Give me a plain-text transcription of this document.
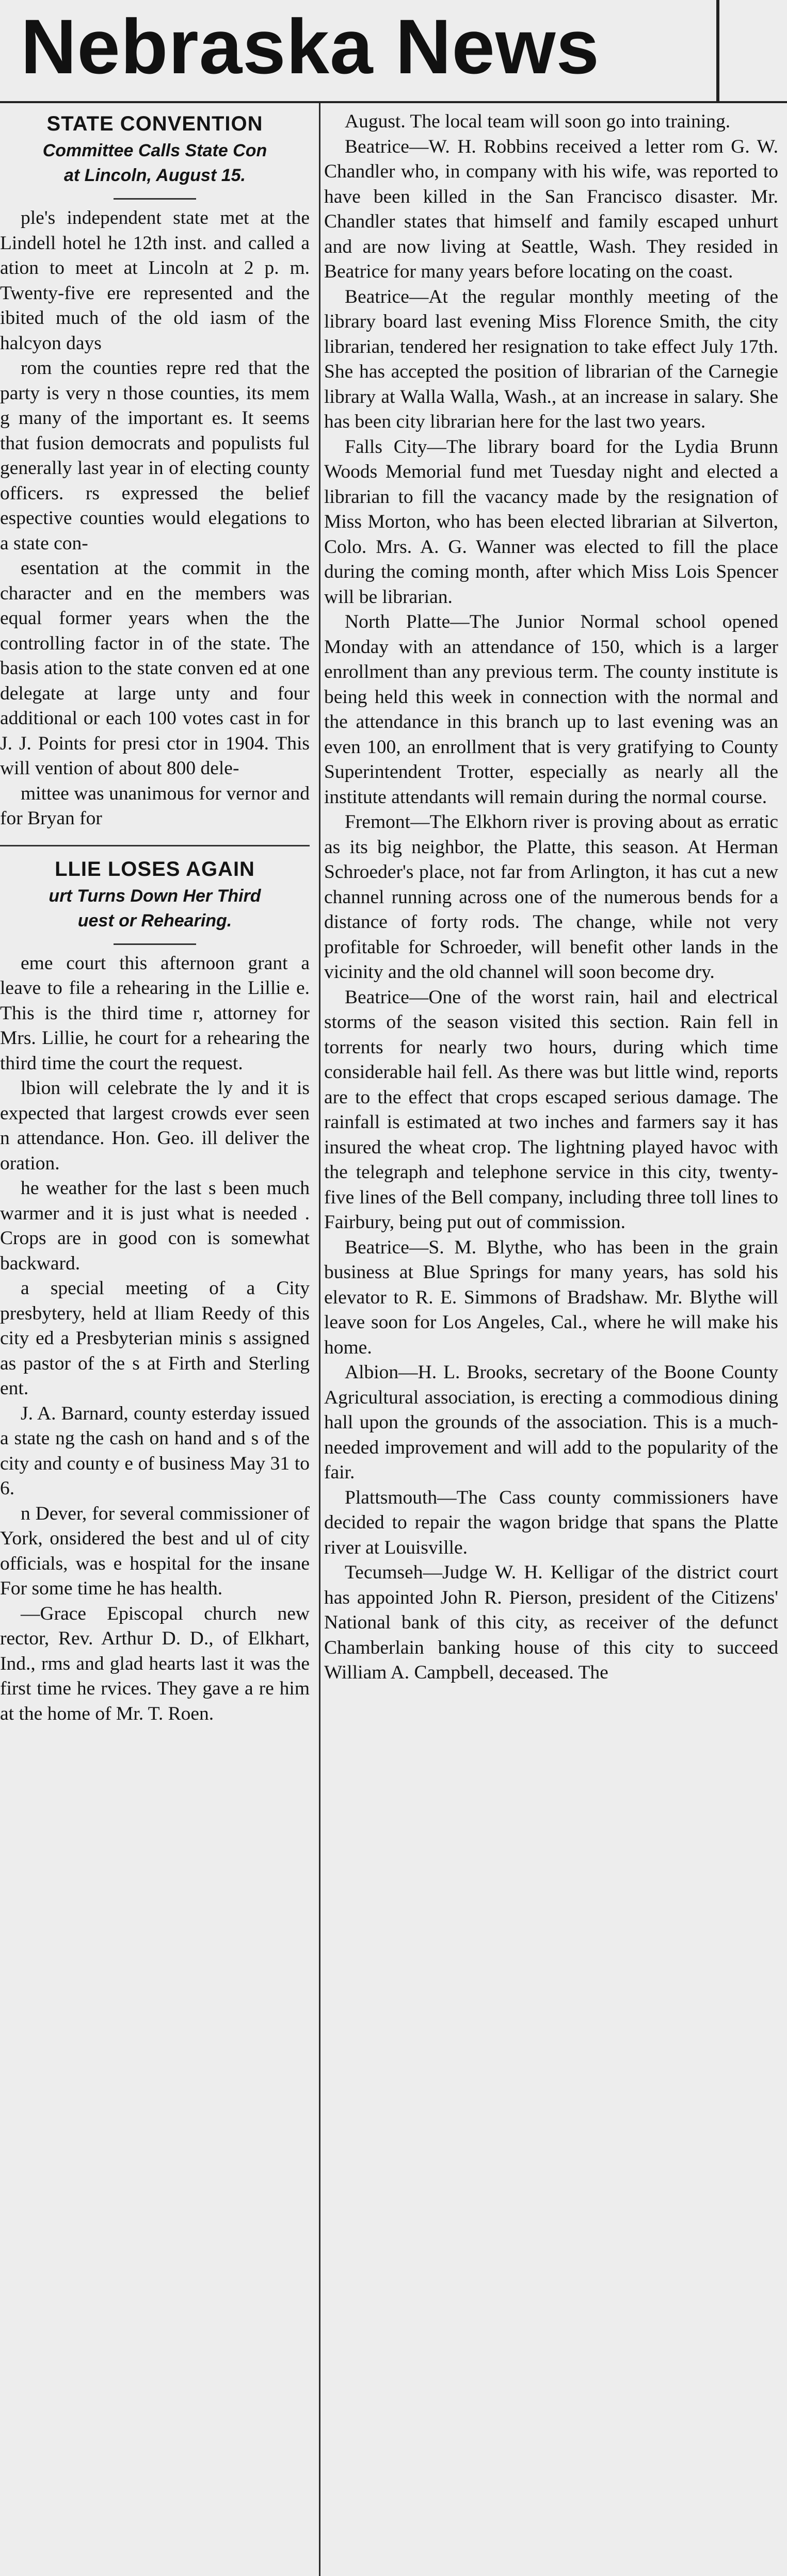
Nebraska News
STATE CONVENTION

Committee Calls State Con
at Lincoln, August 15.

ple's independent state met at the Lindell hotel he 12th inst. and called a ation to meet at Lincoln at 2 p. m. Twenty-five ere represented and the ibited much of the old iasm of the halcyon days

rom the counties repre red that the party is very n those counties, its mem g many of the important es. It seems that fusion democrats and populists ful generally last year in of electing county officers. rs expressed the belief espective counties would elegations to a state con-

esentation at the commit in the character and en the members was equal former years when the the controlling factor in of the state. The basis ation to the state conven ed at one delegate at large unty and four additional or each 100 votes cast in for J. J. Points for presi ctor in 1904. This will vention of about 800 dele-

mittee was unanimous for vernor and for Bryan for

LLIE LOSES AGAIN

urt Turns Down Her Third
uest or Rehearing.

eme court this afternoon grant a leave to file a rehearing in the Lillie e. This is the third time r, attorney for Mrs. Lillie, he court for a rehearing the third time the court the request.

lbion will celebrate the ly and it is expected that largest crowds ever seen n attendance. Hon. Geo. ill deliver the oration.

he weather for the last s been much warmer and it is just what is needed . Crops are in good con is somewhat backward.

a special meeting of a City presbytery, held at lliam Reedy of this city ed a Presbyterian minis s assigned as pastor of the s at Firth and Sterling ent.

J. A. Barnard, county esterday issued a state ng the cash on hand and s of the city and county e of business May 31 to 6.

n Dever, for several commissioner of York, onsidered the best and ul of city officials, was e hospital for the insane For some time he has health.

—Grace Episcopal church new rector, Rev. Arthur D. D., of Elkhart, Ind., rms and glad hearts last it was the first time he rvices. They gave a re him at the home of Mr. T. Roen.

August. The local team will soon go into training.

Beatrice—W. H. Robbins received a letter rom G. W. Chandler who, in company with his wife, was reported to have been killed in the San Francisco disaster. Mr. Chandler states that himself and family escaped unhurt and are now living at Seattle, Wash. They resided in Beatrice for many years before locating on the coast.

Beatrice—At the regular monthly meeting of the library board last evening Miss Florence Smith, the city librarian, tendered her resignation to take effect July 17th. She has accepted the position of librarian of the Carnegie library at Walla Walla, Wash., at an increase in salary. She has been city librarian here for the last two years.

Falls City—The library board for the Lydia Brunn Woods Memorial fund met Tuesday night and elected a librarian to fill the vacancy made by the resignation of Miss Morton, who has been elected librarian at Silverton, Colo. Mrs. A. G. Wanner was elected to fill the place during the coming month, after which Miss Lois Spencer will be librarian.

North Platte—The Junior Normal school opened Monday with an attendance of 150, which is a larger enrollment than any previous term. The county institute is being held this week in connection with the normal and the attendance in this branch up to last evening was an even 100, an enrollment that is very gratifying to County Superintendent Trotter, especially as nearly all the institute attendants will remain during the normal course.

Fremont—The Elkhorn river is proving about as erratic as its big neighbor, the Platte, this season. At Herman Schroeder's place, not far from Arlington, it has cut a new channel running across one of the numerous bends for a distance of forty rods. The change, while not very profitable for Schroeder, will benefit other lands in the vicinity and the old channel will soon become dry.

Beatrice—One of the worst rain, hail and electrical storms of the season visited this section. Rain fell in torrents for nearly two hours, during which time considerable hail fell. As there was but little wind, reports are to the effect that crops escaped serious damage. The rainfall is estimated at two inches and farmers say it has insured the wheat crop. The lightning played havoc with the telegraph and telephone service in this city, twenty-five lines of the Bell company, including three toll lines to Fairbury, being put out of commission.

Beatrice—S. M. Blythe, who has been in the grain business at Blue Springs for many years, has sold his elevator to R. E. Simmons of Bradshaw. Mr. Blythe will leave soon for Los Angeles, Cal., where he will make his home.

Albion—H. L. Brooks, secretary of the Boone County Agricultural association, is erecting a commodious dining hall upon the grounds of the association. This is a much-needed improvement and will add to the popularity of the fair.

Plattsmouth—The Cass county commissioners have decided to repair the wagon bridge that spans the Platte river at Louisville.

Tecumseh—Judge W. H. Kelligar of the district court has appointed John R. Pierson, president of the Citizens' National bank of this city, as receiver of the defunct Chamberlain banking house of this city to succeed William A. Campbell, deceased. The
